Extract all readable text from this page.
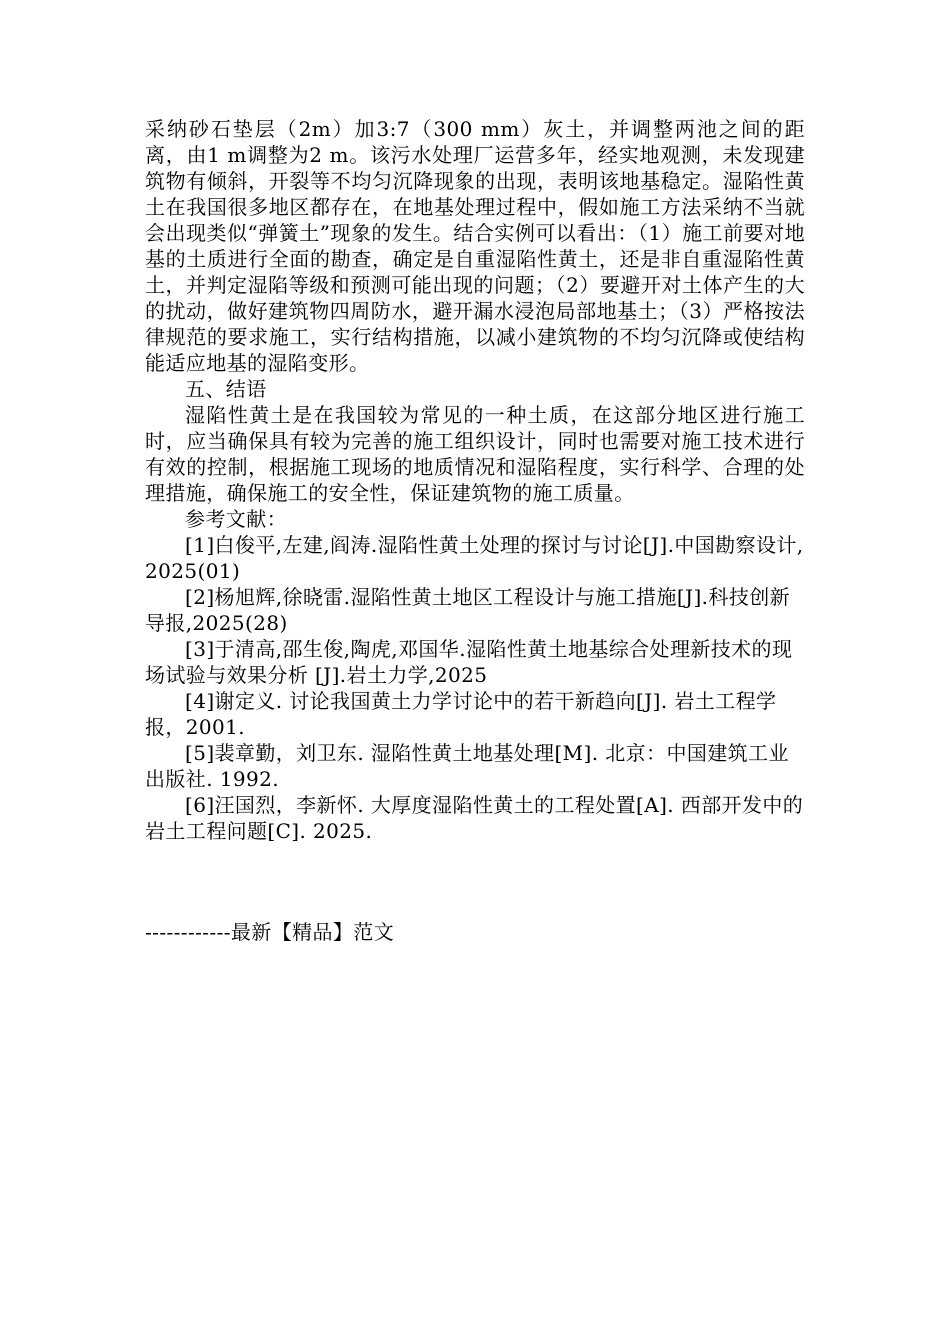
采纳砂石垫层（2m）加3:7（300 mm）灰土，并调整两池之间的距离，由1 m调整为2 m。该污水处理厂运营多年，经实地观测，未发现建筑物有倾斜，开裂等不均匀沉降现象的出现，表明该地基稳定。湿陷性黄土在我国很多地区都存在，在地基处理过程中，假如施工方法采纳不当就会出现类似“弹簧土”现象的发生。结合实例可以看出：（1）施工前要对地基的土质进行全面的勘查，确定是自重湿陷性黄土，还是非自重湿陷性黄土，并判定湿陷等级和预测可能出现的问题；（2）要避开对土体产生的大的扰动，做好建筑物四周防水，避开漏水浸泡局部地基土；（3）严格按法律规范的要求施工，实行结构措施，以减小建筑物的不均匀沉降或使结构能适应地基的湿陷变形。

五、结语

湿陷性黄土是在我国较为常见的一种土质，在这部分地区进行施工时，应当确保具有较为完善的施工组织设计，同时也需要对施工技术进行有效的控制，根据施工现场的地质情况和湿陷程度，实行科学、合理的处理措施，确保施工的安全性，保证建筑物的施工质量。

参考文献：

[1]白俊平,左建,阎涛.湿陷性黄土处理的探讨与讨论[J].中国勘察设计,2025(01)

[2]杨旭辉,徐晓雷.湿陷性黄土地区工程设计与施工措施[J].科技创新导报,2025(28)

[3]于清高,邵生俊,陶虎,邓国华.湿陷性黄土地基综合处理新技术的现场试验与效果分析 [J].岩土力学,2025

[4]谢定义. 讨论我国黄土力学讨论中的若干新趋向[J]. 岩土工程学报，2001.

[5]裴章勤，刘卫东. 湿陷性黄土地基处理[M]. 北京：中国建筑工业出版社. 1992.

[6]汪国烈，李新怀. 大厚度湿陷性黄土的工程处置[A]. 西部开发中的岩土工程问题[C]. 2025.

------------最新【精品】范文
